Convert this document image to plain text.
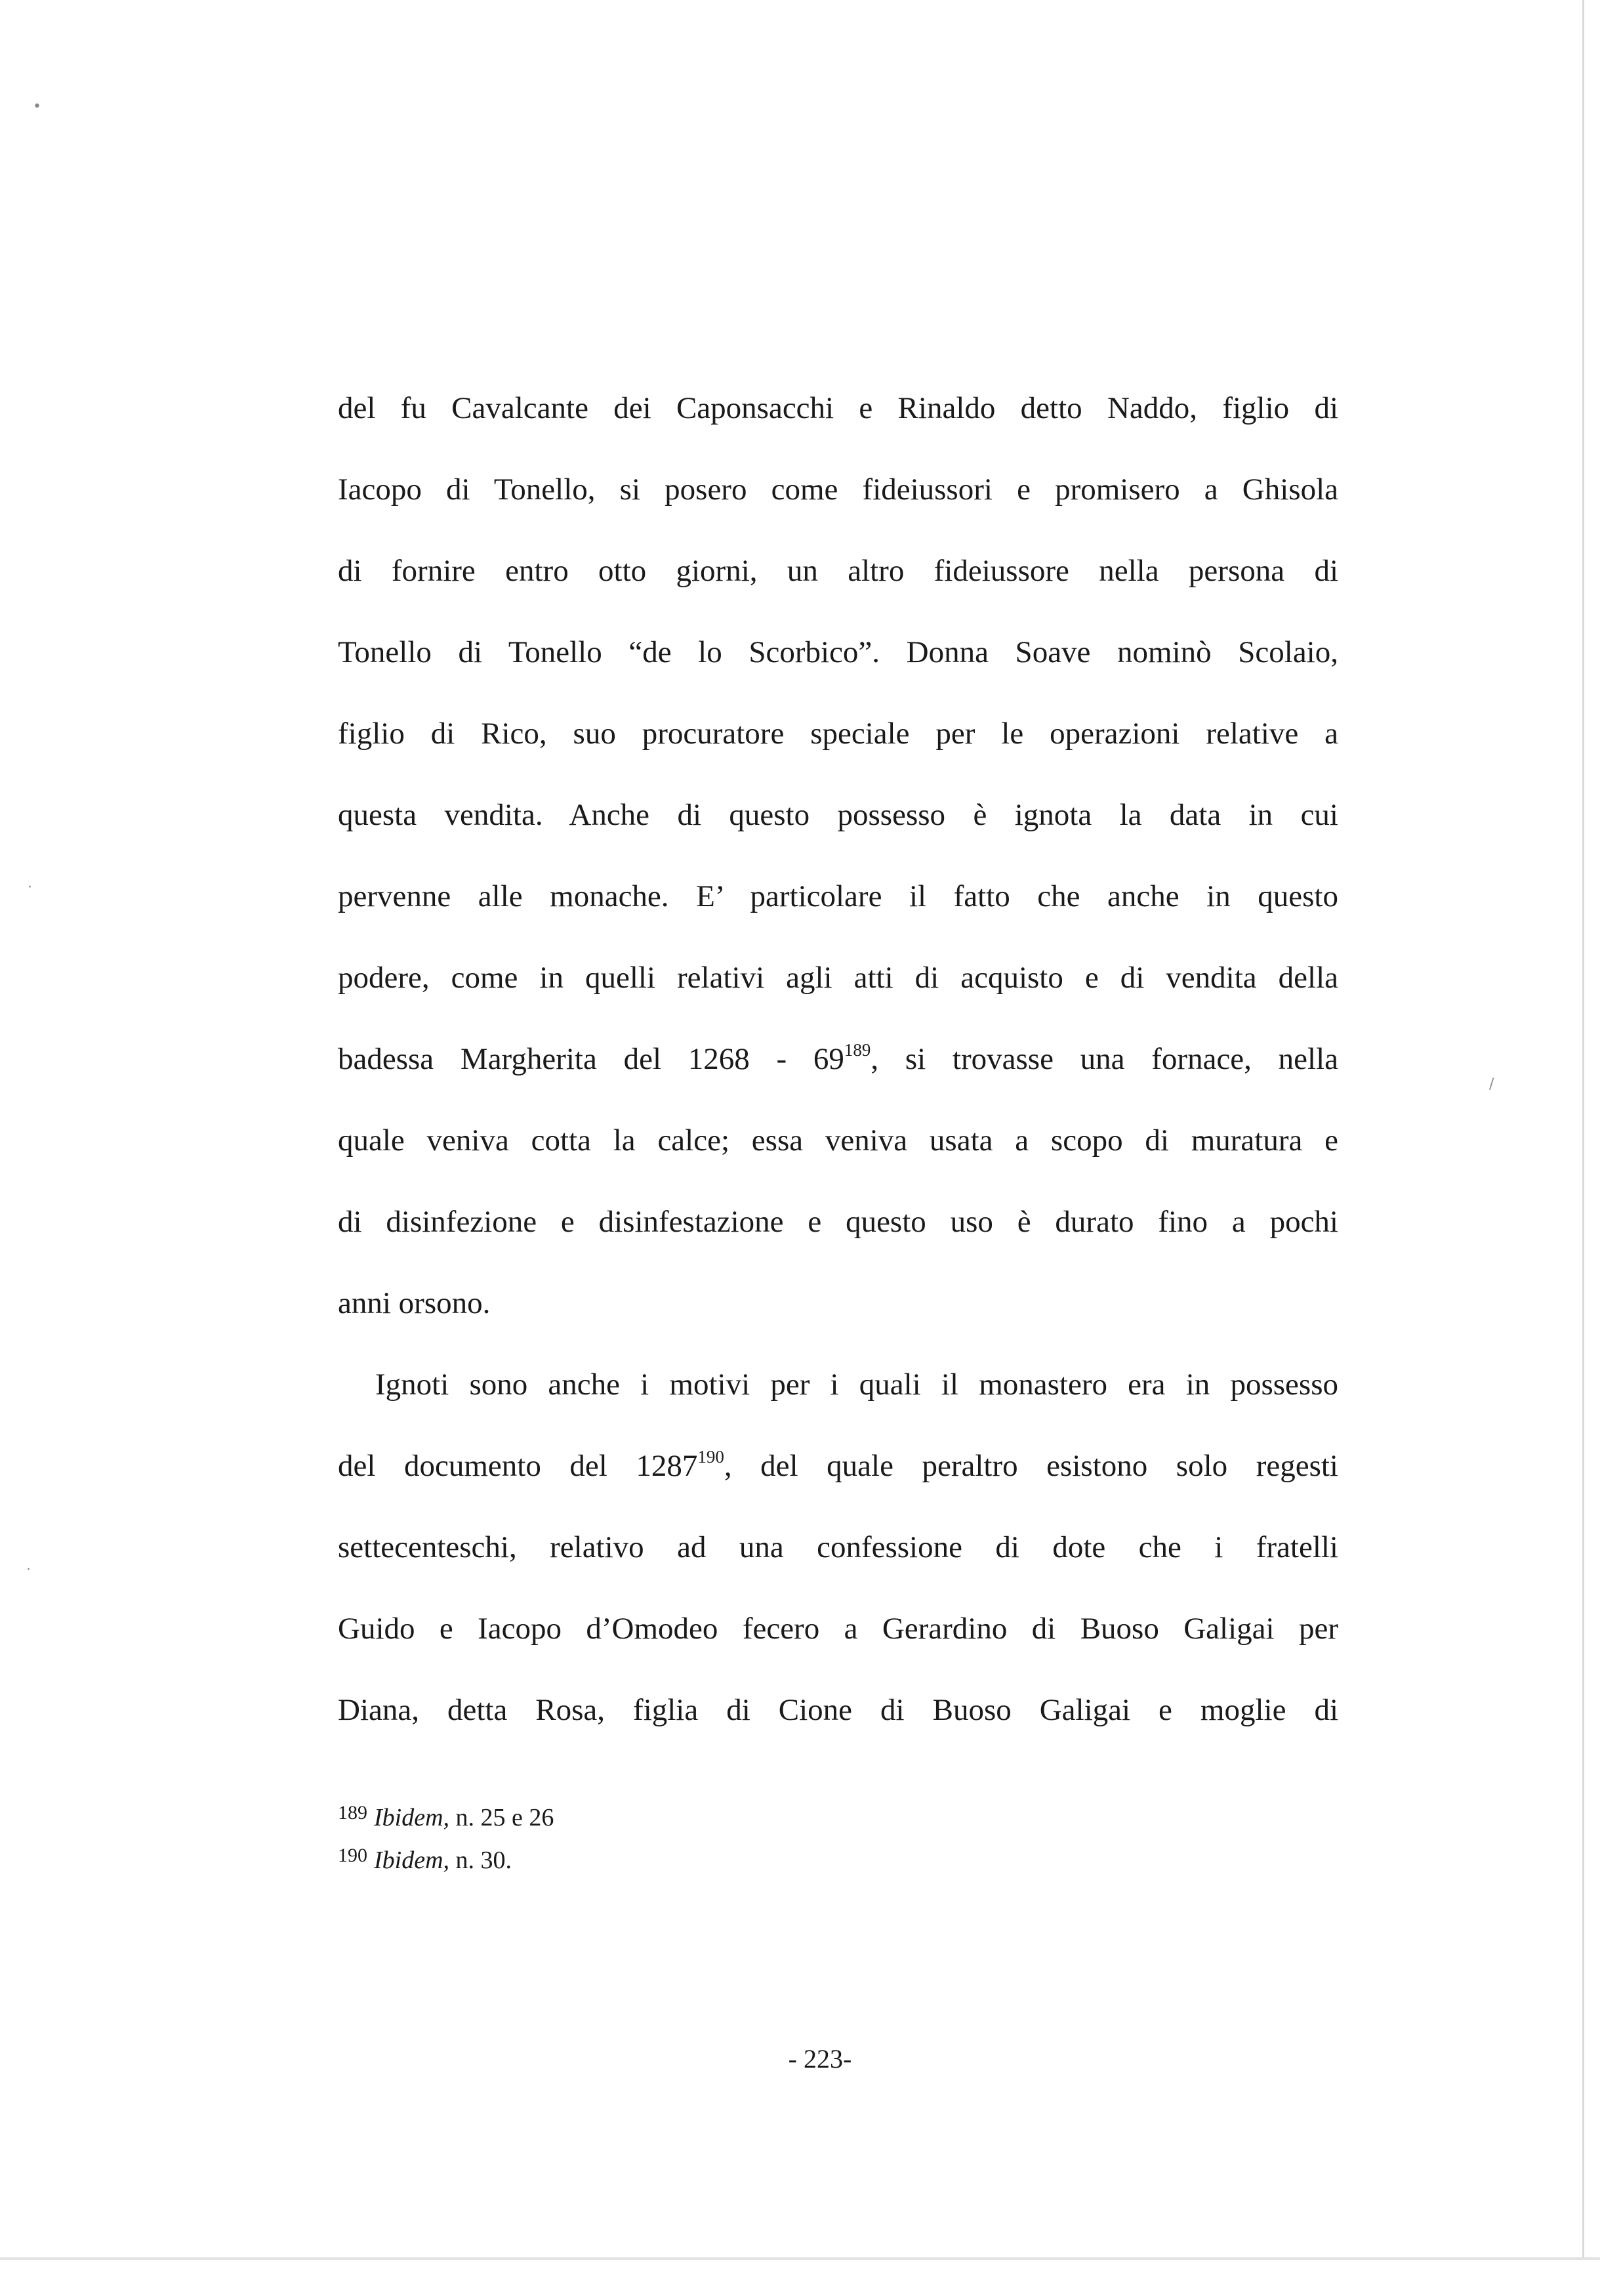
•
·
·
/
del fu Cavalcante dei Caponsacchi e Rinaldo detto Naddo, figlio di
Iacopo di Tonello, si posero come fideiussori e promisero a Ghisola
di fornire entro otto giorni, un altro fideiussore nella persona di
Tonello di Tonello “de lo Scorbico”. Donna Soave nominò Scolaio,
figlio di Rico, suo procuratore speciale per le operazioni relative a
questa vendita. Anche di questo possesso è ignota la data in cui
pervenne alle monache. E’ particolare il fatto che anche in questo
podere, come in quelli relativi agli atti di acquisto e di vendita della
badessa Margherita del $1268 - 69^{189}$, si trovasse una fornace, nella
quale veniva cotta la calce; essa veniva usata a scopo di muratura e
di disinfezione e disinfestazione e questo uso è durato fino a pochi
anni orsono.
Ignoti sono anche i motivi per i quali il monastero era in possesso
del documento del 1287$^{190}$, del quale peraltro esistono solo regesti
settecenteschi, relativo ad una confessione di dote che i fratelli
Guido e Iacopo d’Omodeo fecero a Gerardino di Buoso Galigai per
Diana, detta Rosa, figlia di Cione di Buoso Galigai e moglie di
$^{189}$ Ibidem, n. 25 e 26
$^{190}$ Ibidem, n. 30.
- 223-
